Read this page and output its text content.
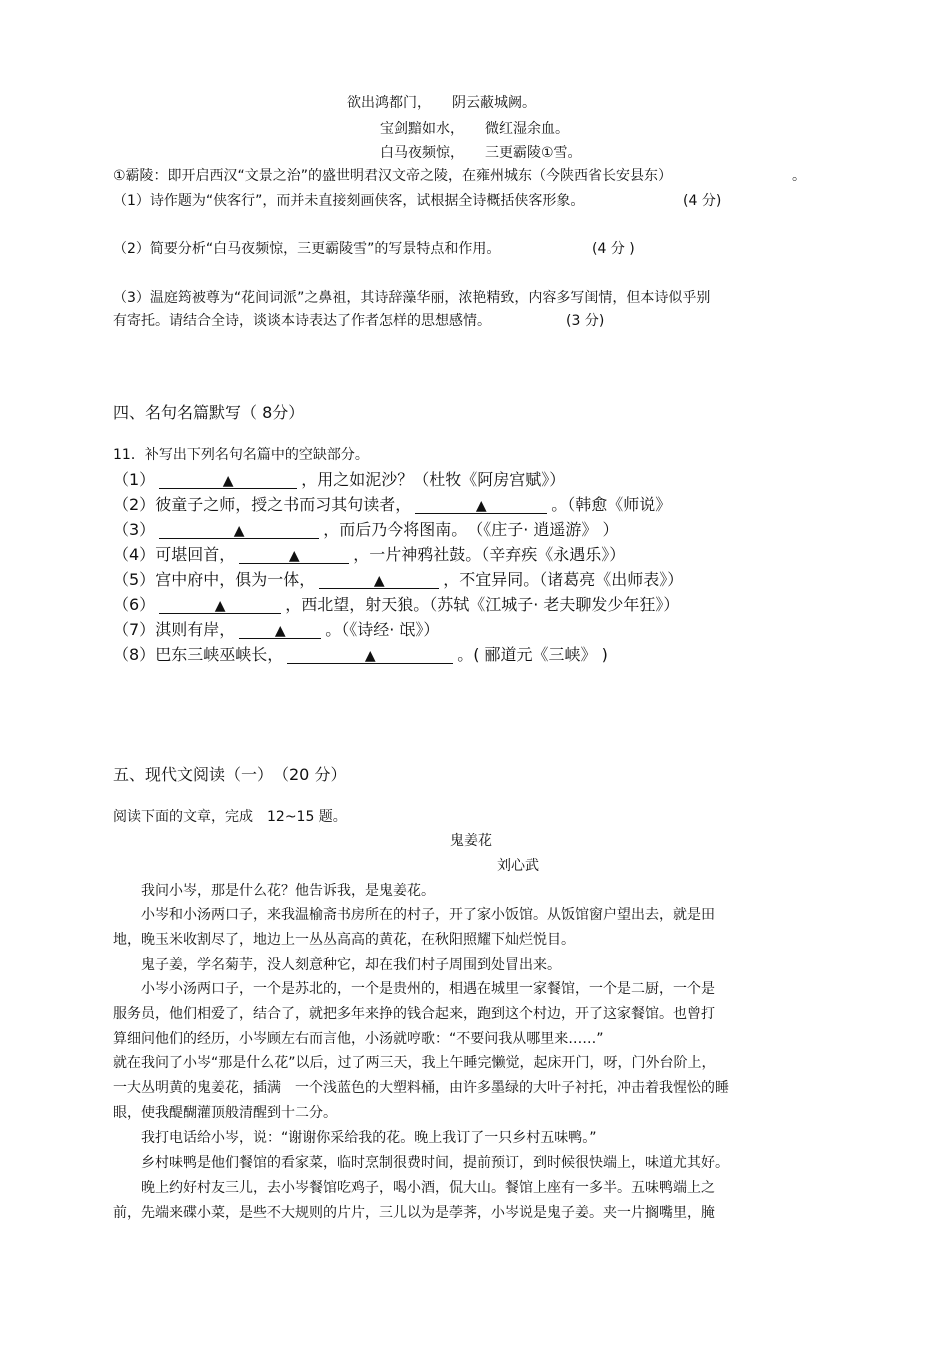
欲出鸿都门，　　阴云蔽城阙。
宝剑黯如水，　　微红湿余血。
白马夜频惊，　　三更霸陵①雪。
①霸陵：即开启西汉“文景之治”的盛世明君汉文帝之陵，在雍州城东（今陕西省长安县东）	。
（1）诗作题为“侠客行”，而并未直接刻画侠客，试根据全诗概括侠客形象。	(4 分)
（2）简要分析“白马夜频惊，三更霸陵雪”的写景特点和作用。	(4 分 )
（3）温庭筠被尊为“花间词派”之鼻祖，其诗辞藻华丽，浓艳精致，内容多写闺情，但本诗似乎别
有寄托。请结合全诗，谈谈本诗表达了作者怎样的思想感情。	(3 分)
四、名句名篇默写（ 8分）
11．补写出下列名句名篇中的空缺部分。
（1）	▲	，用之如泥沙？（杜牧《阿房宫赋》）
（2）彼童子之师，授之书而习其句读者，	▲	。（韩愈《师说》
（3）	▲	，而后乃今将图南。　（《庄子· 逍遥游》 ）
（4）可堪回首，	▲	，一片神鸦社鼓。（辛弃疾《永遇乐》）
（5）宫中府中，俱为一体，	▲	，不宜异同。（诸葛亮《出师表》）
（6）	▲	，西北望，射天狼。（苏轼《江城子· 老夫聊发少年狂》）
（7）淇则有岸，	▲ 。（《诗经· 氓》）
（8）巴东三峡巫峡长，	▲	。( 郦道元《三峡》 )
五、现代文阅读（一）　（20 分）
阅读下面的文章，完成　12~15 题。
鬼姜花
刘心武
　　我问小岑，那是什么花？他告诉我，是鬼姜花。
　　小岑和小汤两口子，来我温榆斋书房所在的村子，开了家小饭馆。从饭馆窗户望出去，就是田
地，晚玉米收割尽了，地边上一丛丛高高的黄花，在秋阳照耀下灿烂悦目。
　　鬼子姜，学名菊芋，没人刻意种它，却在我们村子周围到处冒出来。
　　小岑小汤两口子，一个是苏北的，一个是贵州的，相遇在城里一家餐馆，一个是二厨，一个是
服务员，他们相爱了，结合了，就把多年来挣的钱合起来，跑到这个村边，开了这家餐馆。也曾打
算细问他们的经历，小岑顾左右而言他，小汤就哼歌：“不要问我从哪里来……”
就在我问了小岑“那是什么花”以后，过了两三天，我上午睡完懒觉，起床开门，呀，门外台阶上，
一大丛明黄的鬼姜花，插满　一个浅蓝色的大塑料桶，由许多墨绿的大叶子衬托，冲击着我惺忪的睡
眼，使我醍醐灌顶般清醒到十二分。
　　我打电话给小岑，说：“谢谢你采给我的花。晚上我订了一只乡村五味鸭。”
　　乡村味鸭是他们餐馆的看家菜，临时烹制很费时间，提前预订，到时候很快端上，味道尤其好。
　　晚上约好村友三儿，去小岑餐馆吃鸡子，喝小酒，侃大山。餐馆上座有一多半。五味鸭端上之
前，先端来碟小菜，是些不大规则的片片，三儿以为是荸荠，小岑说是鬼子姜。夹一片搁嘴里，腌
